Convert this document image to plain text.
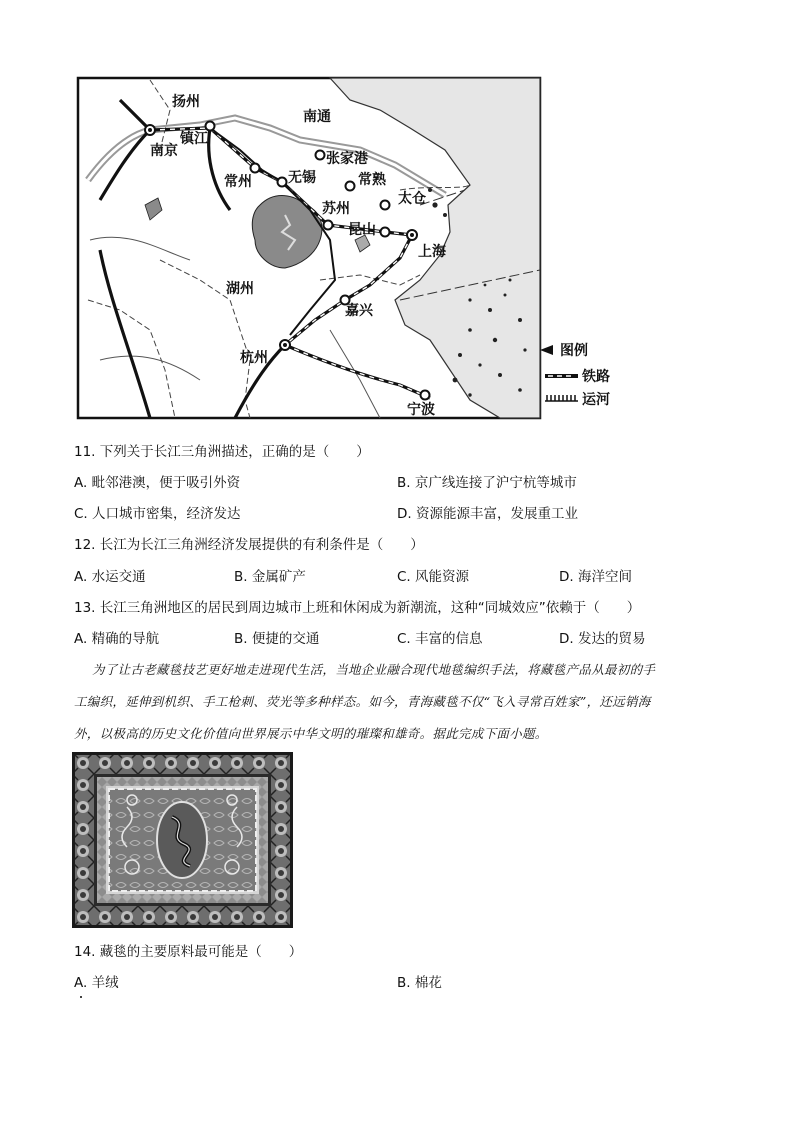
扬州
南通
南京
镇江
张家港
常州	无锡	常熟
太仓
苏州
昆山
上海
湖州
嘉兴
杭州
宁波
图例
铁路
运河
11. 下列关于长江三角洲描述，正确的是（　　）
A. 毗邻港澳，便于吸引外资	B. 京广线连接了沪宁杭等城市
C. 人口城市密集，经济发达	D. 资源能源丰富，发展重工业
12. 长江为长江三角洲经济发展提供的有利条件是（　　）
A. 水运交通	B. 金属矿产	C. 风能资源	D. 海洋空间
13. 长江三角洲地区的居民到周边城市上班和休闲成为新潮流，这种“同城效应”依赖于（　　）
A. 精确的导航	B. 便捷的交通	C. 丰富的信息	D. 发达的贸易
为了让古老藏毯技艺更好地走进现代生活，当地企业融合现代地毯编织手法，将藏毯产品从最初的手
工编织，延伸到机织、手工枪刺、荧光等多种样态。如今，青海藏毯不仅“飞入寻常百姓家”，还远销海
外，以极高的历史文化价值向世界展示中华文明的璀璨和雄奇。据此完成下面小题。
14. 藏毯的主要原料最可能是（　　）
A. 羊绒	B. 棉花
